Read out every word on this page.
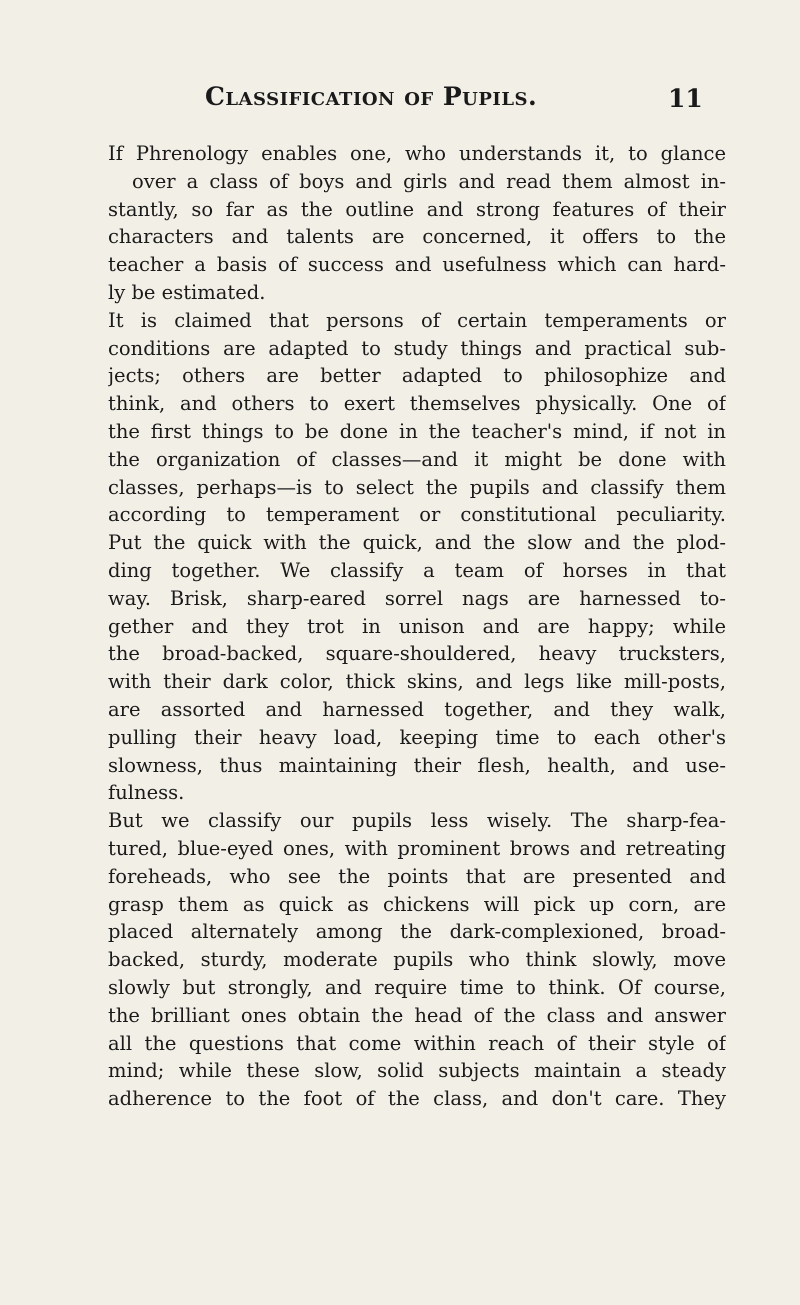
Classification of Pupils.	11
If Phrenology enables one, who understands it, to glance
over a class of boys and girls and read them almost in-
stantly, so far as the outline and strong features of their
characters and talents are concerned, it offers to the
teacher a basis of success and usefulness which can hard-
ly be estimated.
It is claimed that persons of certain temperaments or
conditions are adapted to study things and practical sub-
jects; others are better adapted to philosophize and
think, and others to exert themselves physically. One of
the first things to be done in the teacher's mind, if not in
the organization of classes—and it might be done with
classes, perhaps—is to select the pupils and classify them
according to temperament or constitutional peculiarity.
Put the quick with the quick, and the slow and the plod-
ding together. We classify a team of horses in that
way. Brisk, sharp-eared sorrel nags are harnessed to-
gether and they trot in unison and are happy; while
the broad-backed, square-shouldered, heavy trucksters,
with their dark color, thick skins, and legs like mill-posts,
are assorted and harnessed together, and they walk,
pulling their heavy load, keeping time to each other's
slowness, thus maintaining their flesh, health, and use-
fulness.
But we classify our pupils less wisely. The sharp-fea-
tured, blue-eyed ones, with prominent brows and retreating
foreheads, who see the points that are presented and
grasp them as quick as chickens will pick up corn, are
placed alternately among the dark-complexioned, broad-
backed, sturdy, moderate pupils who think slowly, move
slowly but strongly, and require time to think. Of course,
the brilliant ones obtain the head of the class and answer
all the questions that come within reach of their style of
mind; while these slow, solid subjects maintain a steady
adherence to the foot of the class, and don't care. They
